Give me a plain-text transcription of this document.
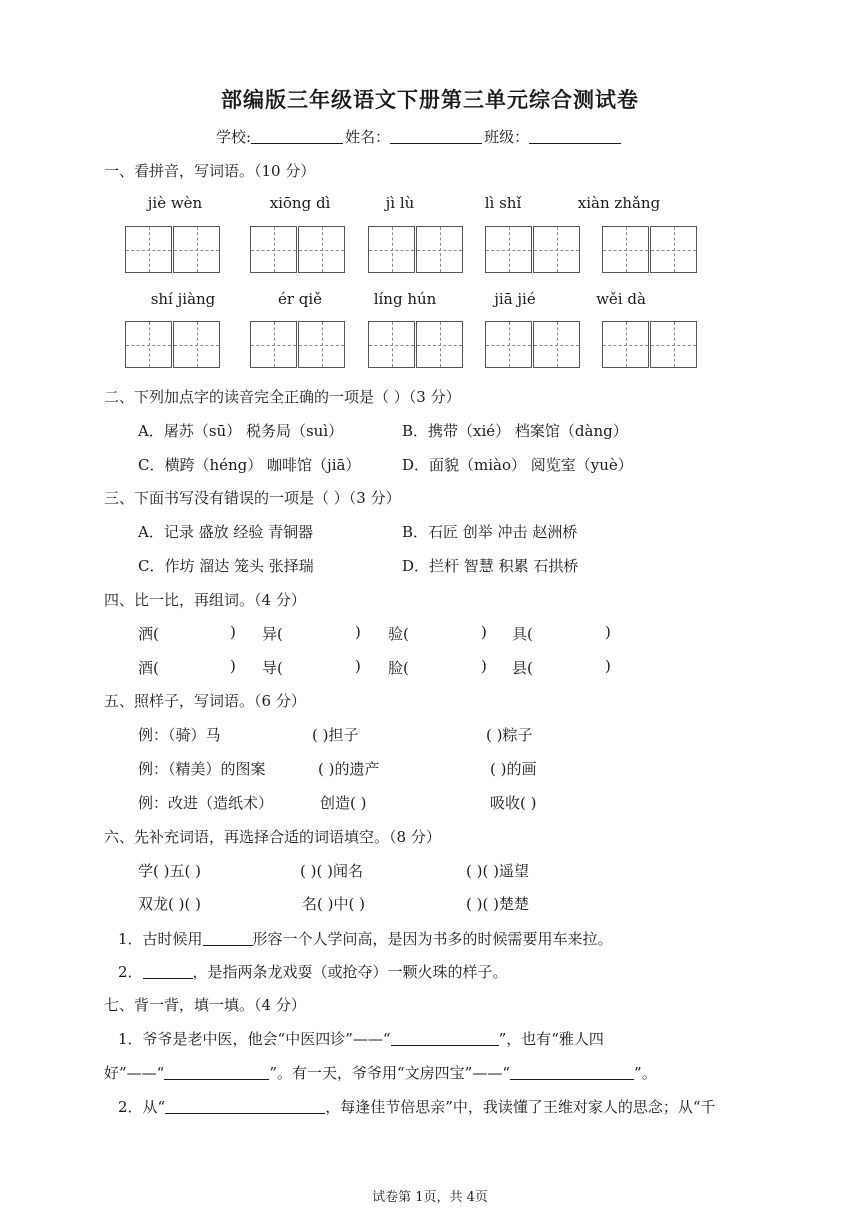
部编版三年级语文下册第三单元综合测试卷
学校:	姓名：	班级：
一、看拼音，写词语。（10 分）
jiè wèn	xiōng dì	jì lù	lì shǐ	xiàn zhǎng
shí jiàng	ér qiě	líng hún	jiā jié	wěi dà
二、下列加点字的读音完全正确的一项是（ ）（3 分）
A．屠苏（sū） 税务局（suì）	B．携带（xié） 档案馆（dàng）
C．横跨（héng） 咖啡馆（jiā）	D．面貌（miào） 阅览室（yuè）
三、下面书写没有错误的一项是（ ）（3 分）
A．记录 盛放 经验 青铜器	B．石匠 创举 冲击 赵洲桥
C．作坊 溜达 笼头 张择瑞	D．拦杆 智慧 积累 石拱桥
四、比一比，再组词。（4 分）
洒(	) 异(	) 验(	) 具(	)
酒(	) 导(	) 脸(	) 县(	)
五、照样子，写词语。（6 分）
例：（骑）马	( )担子	( )粽子
例：（精美）的图案	( )的遗产	( )的画
例：改进（造纸术）	创造( )	吸收( )
六、先补充词语，再选择合适的词语填空。（8 分）
学( )五( )	( )( )闻名	( )( )遥望
双龙( )( )	名( )中( )	( )( )楚楚
1．古时候用	形容一个人学问高，是因为书多的时候需要用车来拉。
2．	，是指两条龙戏耍（或抢夺）一颗火珠的样子。
七、背一背，填一填。（4 分）
1．爷爷是老中医，他会“中医四诊”——“	”，也有“雅人四
好”——“	”。有一天，爷爷用“文房四宝”——“	”。
2．从“	，每逢佳节倍思亲”中，我读懂了王维对家人的思念；从“千
试卷第 1页，共 4页
